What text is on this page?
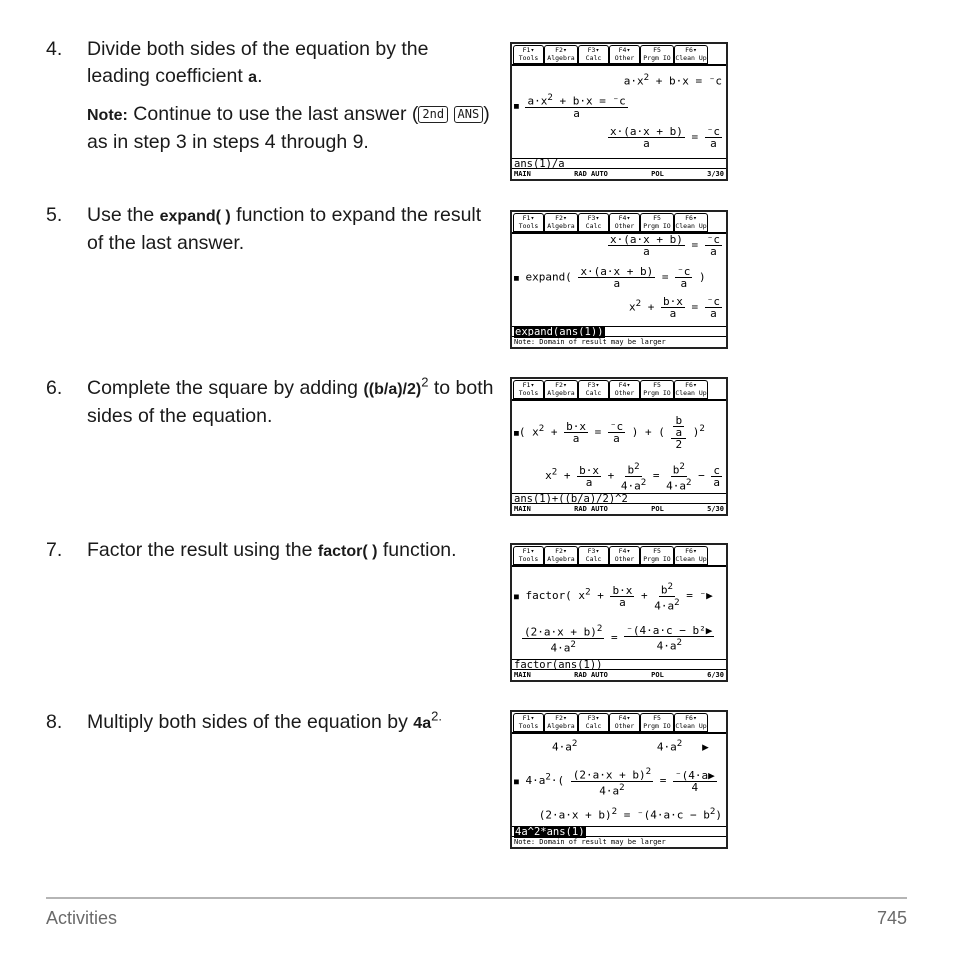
4. Divide both sides of the equation by the leading coefficient a.
Note: Continue to use the last answer ( 2nd ANS ) as in step 3 in steps 4 through 9.
5. Use the expand( ) function to expand the result of the last answer.
6. Complete the square by adding $((b/a)/2)^2$ to both sides of the equation.
7. Factor the result using the factor( ) function.
8. Multiply both sides of the equation by $4a^{2.}$
F1▾
Tools
F2▾
Algebra
F3▾
Calc
F4▾
Other
F5
Prgm IO
F6▾
Clean Up
$a\cdot x^2 + b\cdot x = ^-c$
■ $\frac{a\cdot x^2 + b\cdot x = ^-c}{a}$
$\frac{x\cdot(a\cdot x + b)}{a} = \frac{^-c}{a}$
ans(1)/a
MAIN	RAD AUTO	POL	3/30
F1▾
Tools
F2▾
Algebra
F3▾
Calc
F4▾
Other
F5
Prgm IO
F6▾
Clean Up
$\frac{x\cdot(a\cdot x + b)}{a} = \frac{^-c}{a}$
■ expand( $\frac{x\cdot(a\cdot x + b)}{a} = \frac{^-c}{a}$ )
$x^2 + \frac{b\cdot x}{a} = \frac{^-c}{a}$
expand(ans(1))
Note: Domain of result may be larger
F1▾
Tools
F2▾
Algebra
F3▾
Calc
F4▾
Other
F5
Prgm IO
F6▾
Clean Up
■( $x^2 + \frac{b\cdot x}{a} = \frac{^-c}{a}$ ) + ( $\frac{\frac{b}{a}}{2} )^2$
$x^2 + \frac{b\cdot x}{a} + \frac{b^2}{4\cdot a^2} = \frac{b^2}{4\cdot a^2} - \frac{c}{a}$
ans(1)+((b/a)/2)^2
MAIN	RAD AUTO	POL	5/30
F1▾
Tools
F2▾
Algebra
F3▾
Calc
F4▾
Other
F5
Prgm IO
F6▾
Clean Up
■ factor( $x^2 + \frac{b\cdot x}{a} + \frac{b^2}{4\cdot a^2}$ = ⁻▶
$\frac{(2\cdot a\cdot x + b)^2}{4\cdot a^2} = \frac{\text{⁻(4·a·c − b²▶}}{4\cdot a^2}$
factor(ans(1))
MAIN	RAD AUTO	POL	6/30
F1▾
Tools
F2▾
Algebra
F3▾
Calc
F4▾
Other
F5
Prgm IO
F6▾
Clean Up
$4\cdot a^2$            $4\cdot a^2$   ▶
■ $4\cdot a^2\cdot( \frac{(2\cdot a\cdot x + b)^2}{4\cdot a^2} = \frac{^-(4\cdot a▶}{4}$
$(2\cdot a\cdot x + b)^2 = ^-(4\cdot a\cdot c - b^2)$
4a^2*ans(1)
Note: Domain of result may be larger
Activities	745
